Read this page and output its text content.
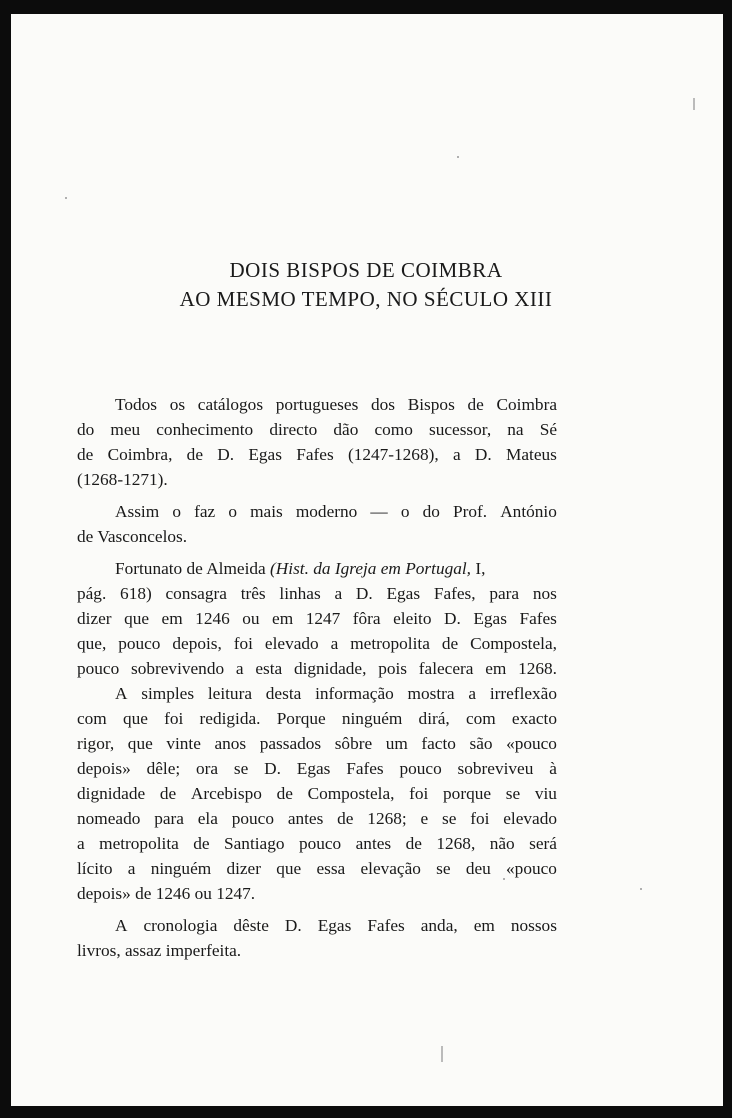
DOIS BISPOS DE COIMBRA
AO MESMO TEMPO, NO SÉCULO XIII
Todos os catálogos portugueses dos Bispos de Coimbra
do meu conhecimento directo dão como sucessor, na Sé
de Coimbra, de D. Egas Fafes (1247-1268), a D. Mateus
(1268-1271).
Assim o faz o mais moderno — o do Prof. António
de Vasconcelos.
Fortunato de Almeida (Hist. da Igreja em Portugal, I,
pág. 618) consagra três linhas a D. Egas Fafes, para nos
dizer que em 1246 ou em 1247 fôra eleito D. Egas Fafes
que, pouco depois, foi elevado a metropolita de Compostela,
pouco sobrevivendo a esta dignidade, pois falecera em 1268.
A simples leitura desta informação mostra a irreflexão
com que foi redigida. Porque ninguém dirá, com exacto
rigor, que vinte anos passados sôbre um facto são «pouco
depois» dêle; ora se D. Egas Fafes pouco sobreviveu à
dignidade de Arcebispo de Compostela, foi porque se viu
nomeado para ela pouco antes de 1268; e se foi elevado
a metropolita de Santiago pouco antes de 1268, não será
lícito a ninguém dizer que essa elevação se deu «pouco
depois» de 1246 ou 1247.
A cronologia dêste D. Egas Fafes anda, em nossos
livros, assaz imperfeita.
